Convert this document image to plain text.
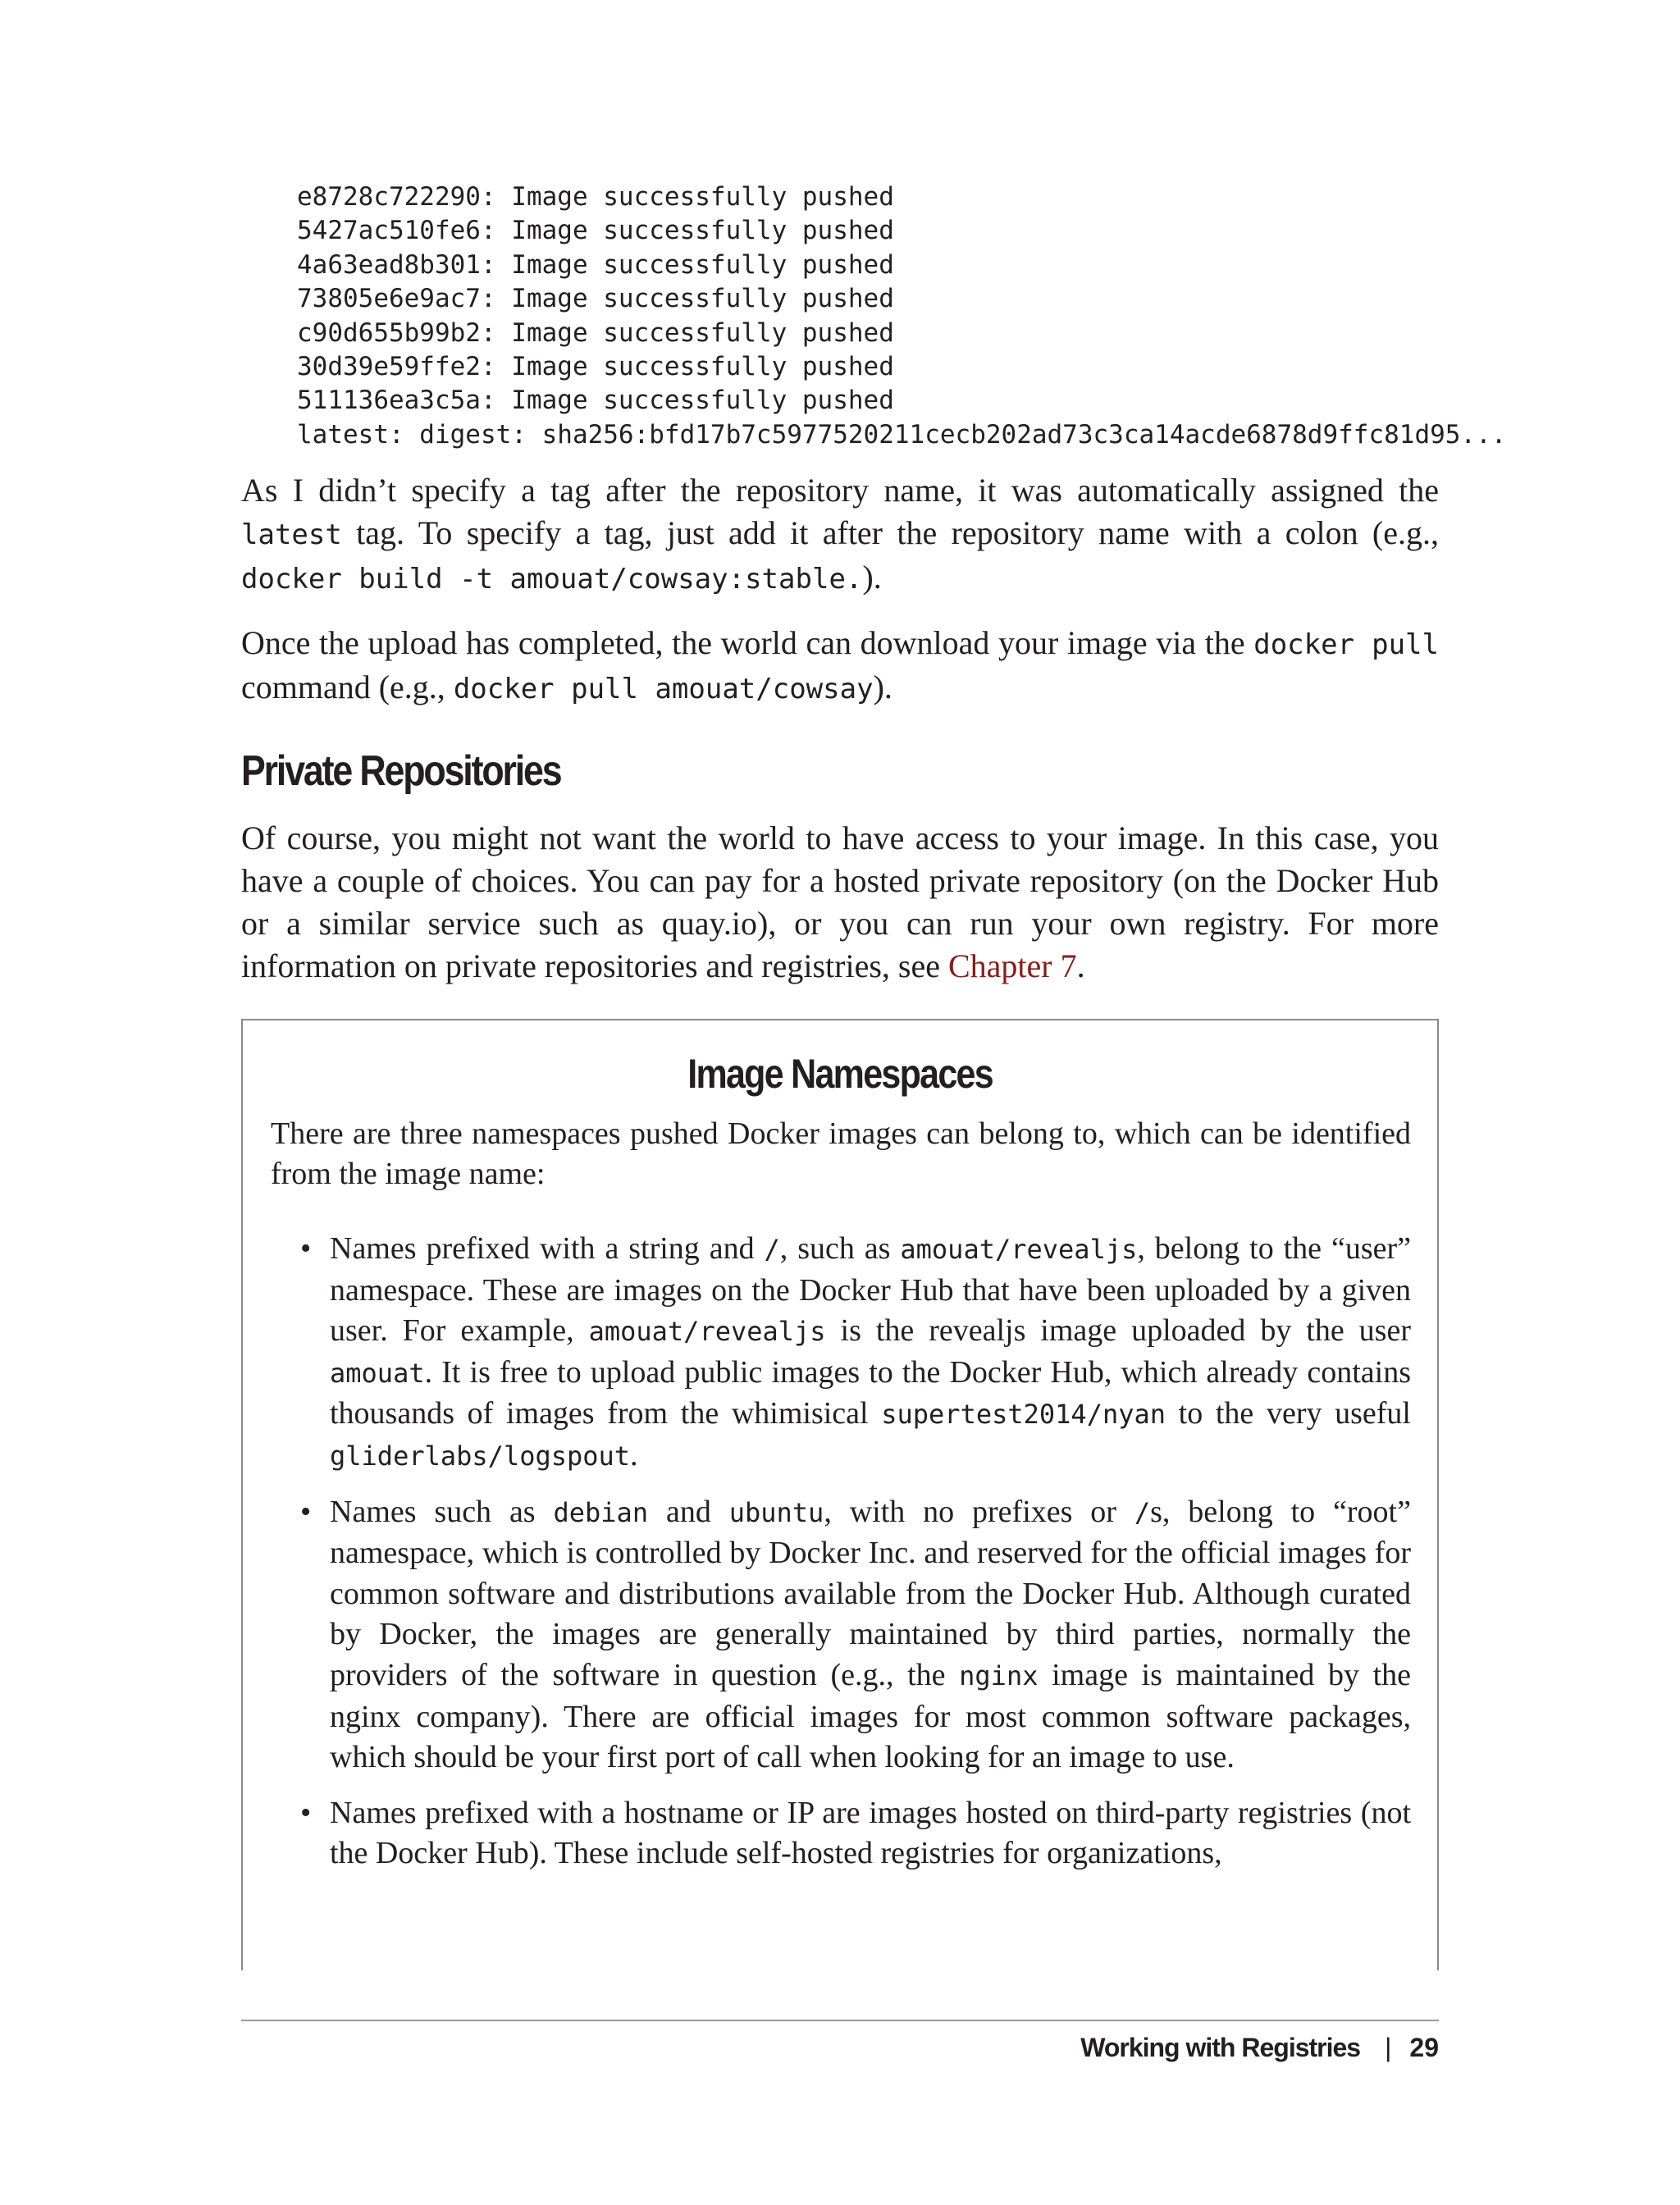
e8728c722290: Image successfully pushed
5427ac510fe6: Image successfully pushed
4a63ead8b301: Image successfully pushed
73805e6e9ac7: Image successfully pushed
c90d655b99b2: Image successfully pushed
30d39e59ffe2: Image successfully pushed
511136ea3c5a: Image successfully pushed
latest: digest: sha256:bfd17b7c5977520211cecb202ad73c3ca14acde6878d9ffc81d95...

As I didn’t specify a tag after the repository name, it was automatically assigned the latest tag. To specify a tag, just add it after the repository name with a colon (e.g., docker build -t amouat/cowsay:stable.).

Once the upload has completed, the world can download your image via the docker pull command (e.g., docker pull amouat/cowsay).

Private Repositories

Of course, you might not want the world to have access to your image. In this case, you have a couple of choices. You can pay for a hosted private repository (on the Docker Hub or a similar service such as quay.io), or you can run your own registry. For more information on private repositories and registries, see Chapter 7.

Image Namespaces

There are three namespaces pushed Docker images can belong to, which can be identified from the image name:

• Names prefixed with a string and /, such as amouat/revealjs, belong to the “user” namespace. These are images on the Docker Hub that have been uploaded by a given user. For example, amouat/revealjs is the revealjs image uploaded by the user amouat. It is free to upload public images to the Docker Hub, which already contains thousands of images from the whimisical supertest2014/nyan to the very useful gliderlabs/logspout.
• Names such as debian and ubuntu, with no prefixes or /s, belong to “root” namespace, which is controlled by Docker Inc. and reserved for the official images for common software and distributions available from the Docker Hub. Although curated by Docker, the images are generally maintained by third parties, normally the providers of the software in question (e.g., the nginx image is maintained by the nginx company). There are official images for most common software packages, which should be your first port of call when looking for an image to use.
• Names prefixed with a hostname or IP are images hosted on third-party registries (not the Docker Hub). These include self-hosted registries for organizations,
Working with Registries | 29
